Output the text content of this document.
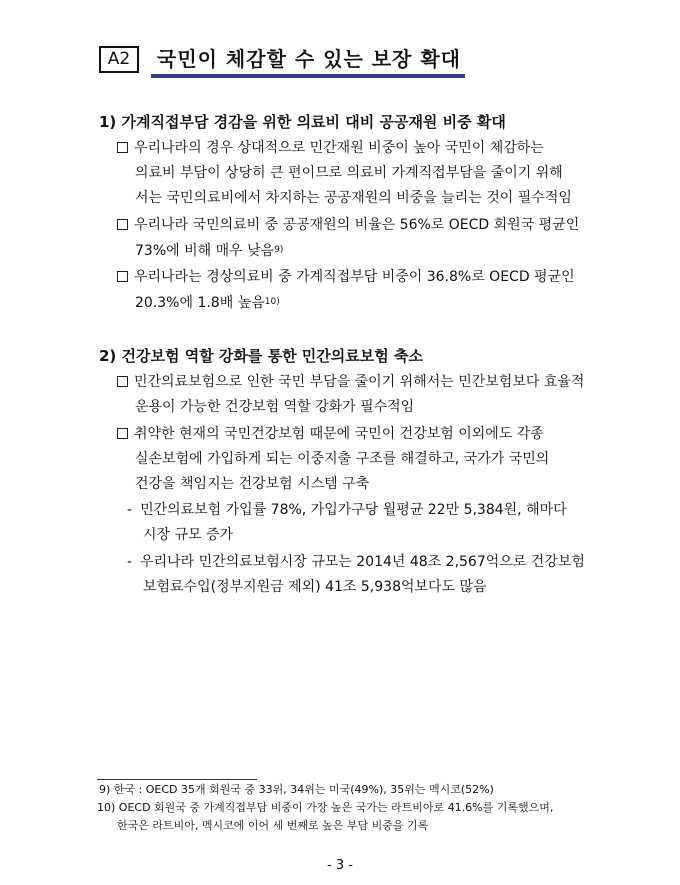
A2	국민이 체감할 수 있는 보장 확대
1) 가계직접부담 경감을 위한 의료비 대비 공공재원 비중 확대
우리나라의 경우 상대적으로 민간재원 비중이 높아 국민이 체감하는
의료비 부담이 상당히 큰 편이므로 의료비 가계직접부담을 줄이기 위해
서는 국민의료비에서 차지하는 공공재원의 비중을 늘리는 것이 필수적임
우리나라 국민의료비 중 공공재원의 비율은 56%로 OECD 회원국 평균인
73%에 비해 매우 낮음$^{9)}$
우리나라는 경상의료비 중 가계직접부담 비중이 36.8%로 OECD 평균인
20.3%에 1.8배 높음$^{10)}$
2) 건강보험 역할 강화를 통한 민간의료보험 축소
민간의료보험으로 인한 국민 부담을 줄이기 위해서는 민간보험보다 효율적
운용이 가능한 건강보험 역할 강화가 필수적임
취약한 현재의 국민건강보험 때문에 국민이 건강보험 이외에도 각종
실손보험에 가입하게 되는 이중지출 구조를 해결하고, 국가가 국민의
건강을 책임지는 건강보험 시스템 구축
- 민간의료보험 가입률 78%, 가입가구당 월평균 22만 5,384원, 해마다
시장 규모 증가
- 우리나라 민간의료보험시장 규모는 2014년 48조 2,567억으로 건강보험
보험료수입(정부지원금 제외) 41조 5,938억보다도 많음
9) 한국 : OECD 35개 회원국 중 33위, 34위는 미국(49%), 35위는 멕시코(52%)
10) OECD 회원국 중 가계직접부담 비중이 가장 높은 국가는 라트비아로 41.6%를 기록했으며,
한국은 라트비아, 멕시코에 이어 세 번째로 높은 부담 비중을 기록
- 3 -
